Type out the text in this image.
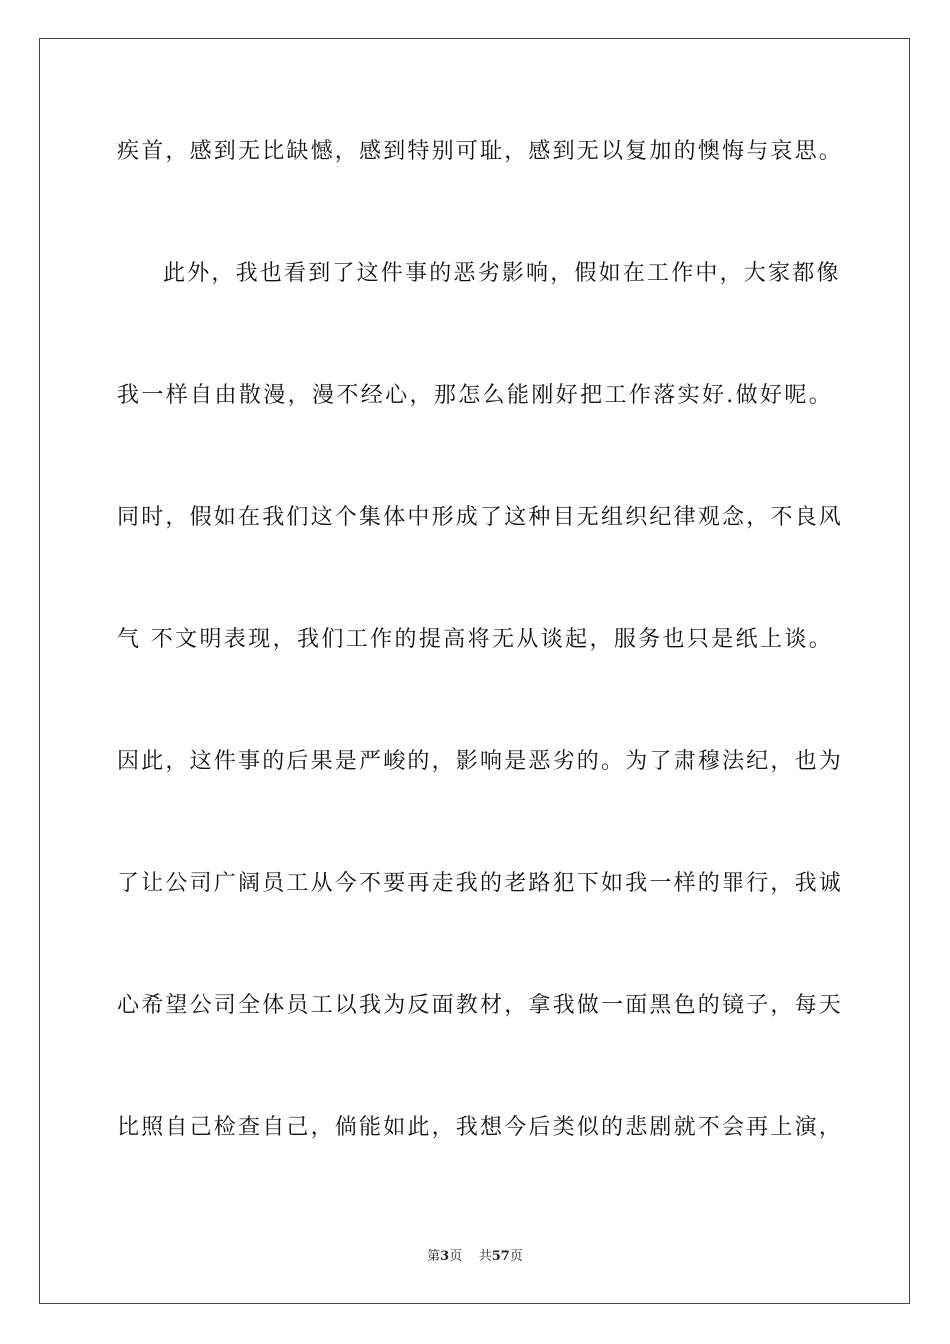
疾首，感到无比缺憾，感到特别可耻，感到无以复加的懊悔与哀思。
此外，我也看到了这件事的恶劣影响，假如在工作中，大家都像
我一样自由散漫，漫不经心，那怎么能刚好把工作落实好.做好呢。
同时，假如在我们这个集体中形成了这种目无组织纪律观念，不良风
气 不文明表现，我们工作的提高将无从谈起，服务也只是纸上谈。
因此，这件事的后果是严峻的，影响是恶劣的。为了肃穆法纪，也为
了让公司广阔员工从今不要再走我的老路犯下如我一样的罪行，我诚
心希望公司全体员工以我为反面教材，拿我做一面黑色的镜子，每天
比照自己检查自己，倘能如此，我想今后类似的悲剧就不会再上演，
第3页 共57页
